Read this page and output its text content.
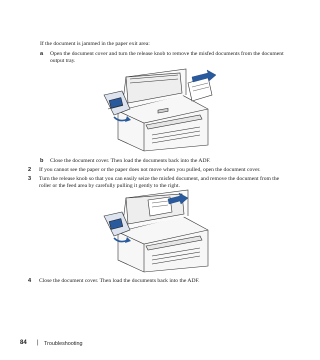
If the document is jammed in the paper exit area:
a Open the document cover and turn the release knob to remove the misfed documents from the document output tray.
b Close the document cover. Then load the documents back into the ADF.
2 If you cannot see the paper or the paper does not move when you pulled, open the document cover.
3 Turn the release knob so that you can easily seize the misfed document, and remove the document from the roller or the feed area by carefully pulling it gently to the right.
4 Close the document cover. Then load the documents back into the ADF.
84 | Troubleshooting
